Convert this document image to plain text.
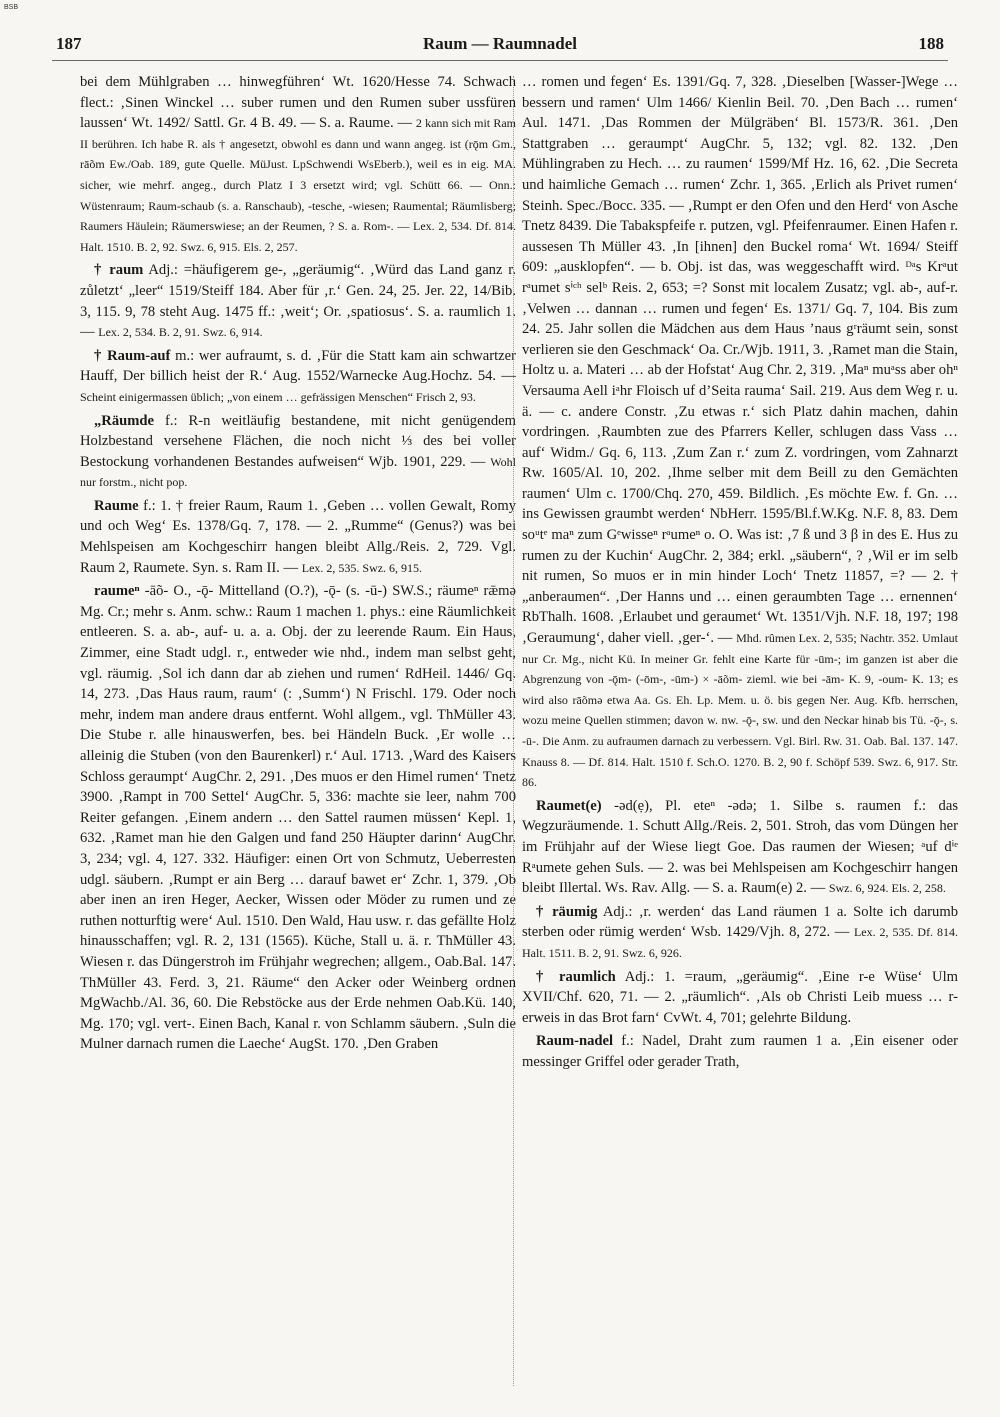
BSB
187	Raum — Raumnadel	188

bei dem Mühlgraben … hinwegführen‘ Wt. 1620/Hesse 74. Schwach flect.: ‚Sinen Winckel … suber rumen und den Rumen suber ussfüren laussen‘ Wt. 1492/ Sattl. Gr. 4 B. 49. — S. a. Raume. — 2 kann sich mit Ram II berühren. Ich habe R. als † angesetzt, obwohl es dann und wann angeg. ist (rǭm Gm., rāõm Ew./Oab. 189, gute Quelle. MüJust. LpSchwendi WsEberb.), weil es in eig. MA. sicher, wie mehrf. angeg., durch Platz I 3 ersetzt wird; vgl. Schütt 66. — Onn.: Wüstenraum; Raum-schaub (s. a. Ranschaub), -tesche, -wiesen; Raumental; Räumlisberg; Raumers Häulein; Räumerswiese; an der Reumen, ? S. a. Rom-. — Lex. 2, 534. Df. 814. Halt. 1510. B. 2, 92. Swz. 6, 915. Els. 2, 257.

† raum Adj.: =häufigerem ge-, „geräumig“. ‚Würd das Land ganz r. zůletzt‘ „leer“ 1519/Steiff 184. Aber für ‚r.‘ Gen. 24, 25. Jer. 22, 14/Bib. 3, 115. 9, 78 steht Aug. 1475 ff.: ‚weit‘; Or. ‚spatiosus‘. S. a. raumlich 1. — Lex. 2, 534. B. 2, 91. Swz. 6, 914.

† Raum-auf m.: wer aufraumt, s. d. ‚Für die Statt kam ain schwartzer Hauff, Der billich heist der R.‘ Aug. 1552/Warnecke Aug.Hochz. 54. — Scheint einigermassen üblich; „von einem … gefrässigen Menschen“ Frisch 2, 93.

„Räumde f.: R-n weitläufig bestandene, mit nicht genügendem Holzbestand versehene Flächen, die noch nicht ⅓ des bei voller Bestockung vorhandenen Bestandes aufweisen“ Wjb. 1901, 229. — Wohl nur forstm., nicht pop.

Raume f.: 1. † freier Raum, Raum 1. ‚Geben … vollen Gewalt, Romy und och Weg‘ Es. 1378/Gq. 7, 178. — 2. „Rumme“ (Genus?) was bei Mehlspeisen am Kochgeschirr hangen bleibt Allg./Reis. 2, 729. Vgl. Raum 2, Raumete. Syn. s. Ram II. — Lex. 2, 535. Swz. 6, 915.

raumeⁿ -āõ- O., -ǭ- Mittelland (O.?), -ǭ- (s. -ū-) SW.S.; räumeⁿ rǣmə Mg. Cr.; mehr s. Anm. schw.: Raum 1 machen 1. phys.: eine Räumlichkeit entleeren. S. a. ab-, auf- u. a. a. Obj. der zu leerende Raum. Ein Haus, Zimmer, eine Stadt udgl. r., entweder wie nhd., indem man selbst geht, vgl. räumig. ‚Sol ich dann dar ab ziehen und rumen‘ RdHeil. 1446/ Gq. 14, 273. ‚Das Haus raum, raum‘ (: ‚Summ‘) N Frischl. 179. Oder noch mehr, indem man andere draus entfernt. Wohl allgem., vgl. ThMüller 43. Die Stube r. alle hinauswerfen, bes. bei Händeln Buck. ‚Er wolle … alleinig die Stuben (von den Baurenkerl) r.‘ Aul. 1713. ‚Ward des Kaisers Schloss geraumpt‘ AugChr. 2, 291. ‚Des muos er den Himel rumen‘ Tnetz 3900. ‚Rampt in 700 Settel‘ AugChr. 5, 336: machte sie leer, nahm 700 Reiter gefangen. ‚Einem andern … den Sattel raumen müssen‘ Kepl. 1, 632. ‚Ramet man hie den Galgen und fand 250 Häupter darinn‘ AugChr. 3, 234; vgl. 4, 127. 332. Häufiger: einen Ort von Schmutz, Ueberresten udgl. säubern. ‚Rumpt er ain Berg … darauf bawet er‘ Zchr. 1, 379. ‚Ob aber inen an iren Heger, Aecker, Wissen oder Möder zu rumen und ze ruthen notturftig were‘ Aul. 1510. Den Wald, Hau usw. r. das gefällte Holz hinausschaffen; vgl. R. 2, 131 (1565). Küche, Stall u. ä. r. ThMüller 43. Wiesen r. das Düngerstroh im Frühjahr wegrechen; allgem., Oab.Bal. 147. ThMüller 43. Ferd. 3, 21. Räume“ den Acker oder Weinberg ordnen MgWachb./Al. 36, 60. Die Rebstöcke aus der Erde nehmen Oab.Kü. 140, Mg. 170; vgl. vert-. Einen Bach, Kanal r. von Schlamm säubern. ‚Suln die Mulner darnach rumen die Laeche‘ AugSt. 170. ‚Den Graben

… romen und fegen‘ Es. 1391/Gq. 7, 328. ‚Dieselben [Wasser-]Wege … bessern und ramen‘ Ulm 1466/ Kienlin Beil. 70. ‚Den Bach … rumen‘ Aul. 1471. ‚Das Rommen der Mülgräben‘ Bl. 1573/R. 361. ‚Den Stattgraben … geraumpt‘ AugChr. 5, 132; vgl. 82. 132. ‚Den Mühlingraben zu Hech. … zu raumen‘ 1599/Mf Hz. 16, 62. ‚Die Secreta und haimliche Gemach … rumen‘ Zchr. 1, 365. ‚Erlich als Privet rumen‘ Steinh. Spec./Bocc. 335. — ‚Rumpt er den Ofen und den Herd‘ von Asche Tnetz 8439. Die Tabakspfeife r. putzen, vgl. Pfeifenraumer. Einen Hafen r. aussesen Th Müller 43. ‚In [ihnen] den Buckel roma‘ Wt. 1694/ Steiff 609: „ausklopfen“. — b. Obj. ist das, was weggeschafft wird. ᴰᵃs Krᵃut rᵃumet sⁱᶜʰ selᵇ Reis. 2, 653; =? Sonst mit localem Zusatz; vgl. ab-, auf-r. ‚Velwen … dannan … rumen und fegen‘ Es. 1371/ Gq. 7, 104. Bis zum 24. 25. Jahr sollen die Mädchen aus dem Haus ’naus gʳräumt sein, sonst verlieren sie den Geschmack‘ Oa. Cr./Wjb. 1911, 3. ‚Ramet man die Stain, Holtz u. a. Materi … ab der Hofstat‘ Aug Chr. 2, 319. ‚Maⁿ muᵃss aber ohⁿ Versauma Aell iᵃhr Floisch uf d’Seita rauma‘ Sail. 219. Aus dem Weg r. u. ä. — c. andere Constr. ‚Zu etwas r.‘ sich Platz dahin machen, dahin vordringen. ‚Raumbten zue des Pfarrers Keller, schlugen dass Vass … auf‘ Widm./ Gq. 6, 113. ‚Zum Zan r.‘ zum Z. vordringen, vom Zahnarzt Rw. 1605/Al. 10, 202. ‚Ihme selber mit dem Beill zu den Gemächten raumen‘ Ulm c. 1700/Chq. 270, 459. Bildlich. ‚Es möchte Ew. f. Gn. … ins Gewissen graumbt werden‘ NbHerr. 1595/Bl.f.W.Kg. N.F. 8, 83. Dem soᵘtᵉ maⁿ zum Gᵉwisseⁿ rᵃumeⁿ o. O. Was ist: ‚7 ß und 3 β in des E. Hus zu rumen zu der Kuchin‘ AugChr. 2, 384; erkl. „säubern“, ? ‚Wil er im selb nit rumen, So muos er in min hinder Loch‘ Tnetz 11857, =? — 2. † „anberaumen“. ‚Der Hanns und … einen geraumbten Tage … ernennen‘ RbThalh. 1608. ‚Erlaubet und geraumet‘ Wt. 1351/Vjh. N.F. 18, 197; 198 ‚Geraumung‘, daher viell. ‚ger-‘. — Mhd. rûmen Lex. 2, 535; Nachtr. 352. Umlaut nur Cr. Mg., nicht Kü. In meiner Gr. fehlt eine Karte für -ūm-; im ganzen ist aber die Abgrenzung von -ǭm- (-ōm-, -ūm-) × -āõm- zieml. wie bei -ām- K. 9, -oum- K. 13; es wird also rāõmə etwa Aa. Gs. Eh. Lp. Mem. u. ö. bis gegen Ner. Aug. Kfb. herrschen, wozu meine Quellen stimmen; davon w. nw. -ǭ-, sw. und den Neckar hinab bis Tü. -ǭ-, s. -ū-. Die Anm. zu aufraumen darnach zu verbessern. Vgl. Birl. Rw. 31. Oab. Bal. 137. 147. Knauss 8. — Df. 814. Halt. 1510 f. Sch.O. 1270. B. 2, 90 f. Schöpf 539. Swz. 6, 917. Str. 86.

Raumet(e) -əd(ẹ), Pl. eteⁿ -ədə; 1. Silbe s. raumen f.: das Wegzuräumende. 1. Schutt Allg./Reis. 2, 501. Stroh, das vom Düngen her im Frühjahr auf der Wiese liegt Goe. Das raumen der Wiesen; ᵃuf dⁱᵉ Rᵃumete gehen Suls. — 2. was bei Mehlspeisen am Kochgeschirr hangen bleibt Illertal. Ws. Rav. Allg. — S. a. Raum(e) 2. — Swz. 6, 924. Els. 2, 258.

† räumig Adj.: ‚r. werden‘ das Land räumen 1 a. Solte ich darumb sterben oder rümig werden‘ Wsb. 1429/Vjh. 8, 272. — Lex. 2, 535. Df. 814. Halt. 1511. B. 2, 91. Swz. 6, 926.

† raumlich Adj.: 1. =raum, „geräumig“. ‚Eine r-e Wüse‘ Ulm XVII/Chf. 620, 71. — 2. „räumlich“. ‚Als ob Christi Leib muess … r-erweis in das Brot farn‘ CvWt. 4, 701; gelehrte Bildung.

Raum-nadel f.: Nadel, Draht zum raumen 1 a. ‚Ein eisener oder messinger Griffel oder gerader Trath,
